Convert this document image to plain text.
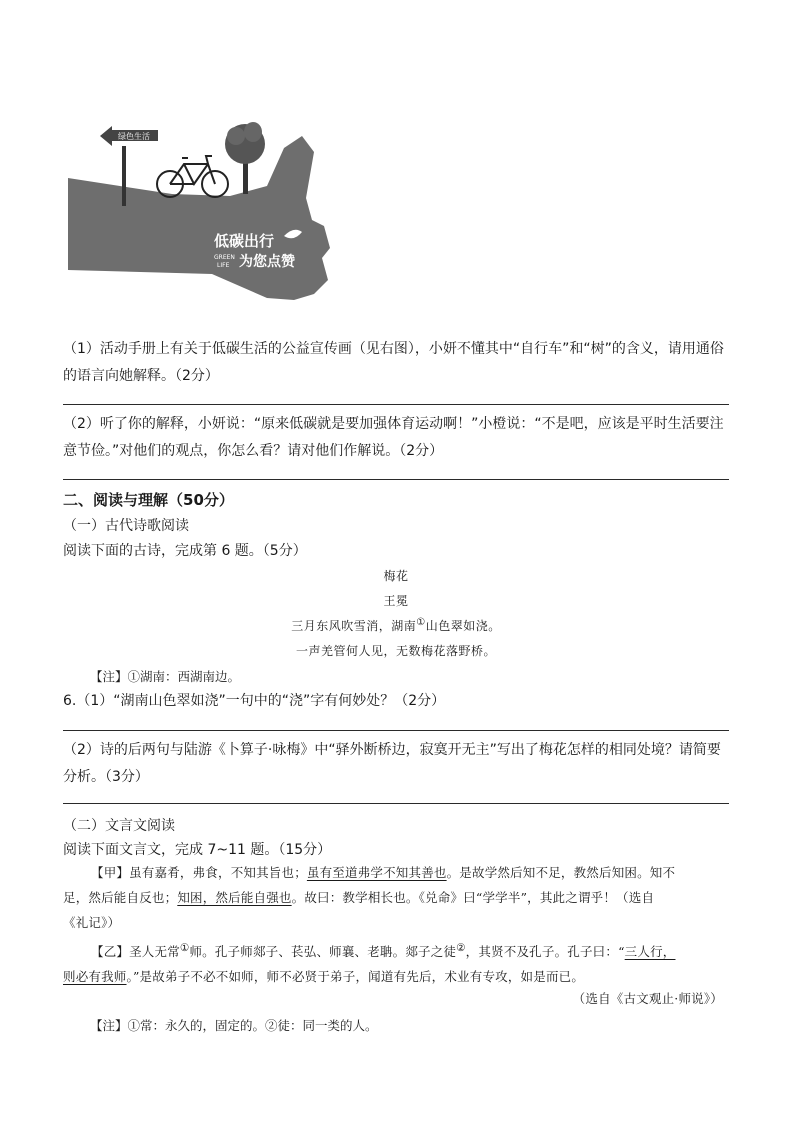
绿色生活
低碳出行
GREEN
LIFE 为您点赞
（1）活动手册上有关于低碳生活的公益宣传画（见右图），小妍不懂其中“自行车”和“树”的含义，请用通俗的语言向她解释。（2分）
（2）听了你的解释，小妍说：“原来低碳就是要加强体育运动啊！”小橙说：“不是吧，应该是平时生活要注意节俭。”对他们的观点，你怎么看？请对他们作解说。（2分）
二、阅读与理解（50分）
（一）古代诗歌阅读
阅读下面的古诗，完成第 6 题。（5分）
梅花
王冕
三月东风吹雪消，湖南①山色翠如浇。
一声羌管何人见，无数梅花落野桥。
【注】①湖南：西湖南边。
6.（1）“湖南山色翠如浇”一句中的“浇”字有何妙处？（2分）
（2）诗的后两句与陆游《卜算子·咏梅》中“驿外断桥边，寂寞开无主”写出了梅花怎样的相同处境？请简要分析。（3分）
（二）文言文阅读
阅读下面文言文，完成 7~11 题。（15分）
【甲】虽有嘉肴，弗食，不知其旨也；虽有至道弗学不知其善也。是故学然后知不足，教然后知困。知不
足，然后能自反也；知困，然后能自强也。故曰：教学相长也。《兑命》曰“学学半”，其此之谓乎！（选自
《礼记》）
【乙】圣人无常①师。孔子师郯子、苌弘、师襄、老聃。郯子之徒②，其贤不及孔子。孔子曰：“三人行，
则必有我师。”是故弟子不必不如师，师不必贤于弟子，闻道有先后，术业有专攻，如是而已。
（选自《古文观止·师说》）
【注】①常：永久的，固定的。②徒：同一类的人。
